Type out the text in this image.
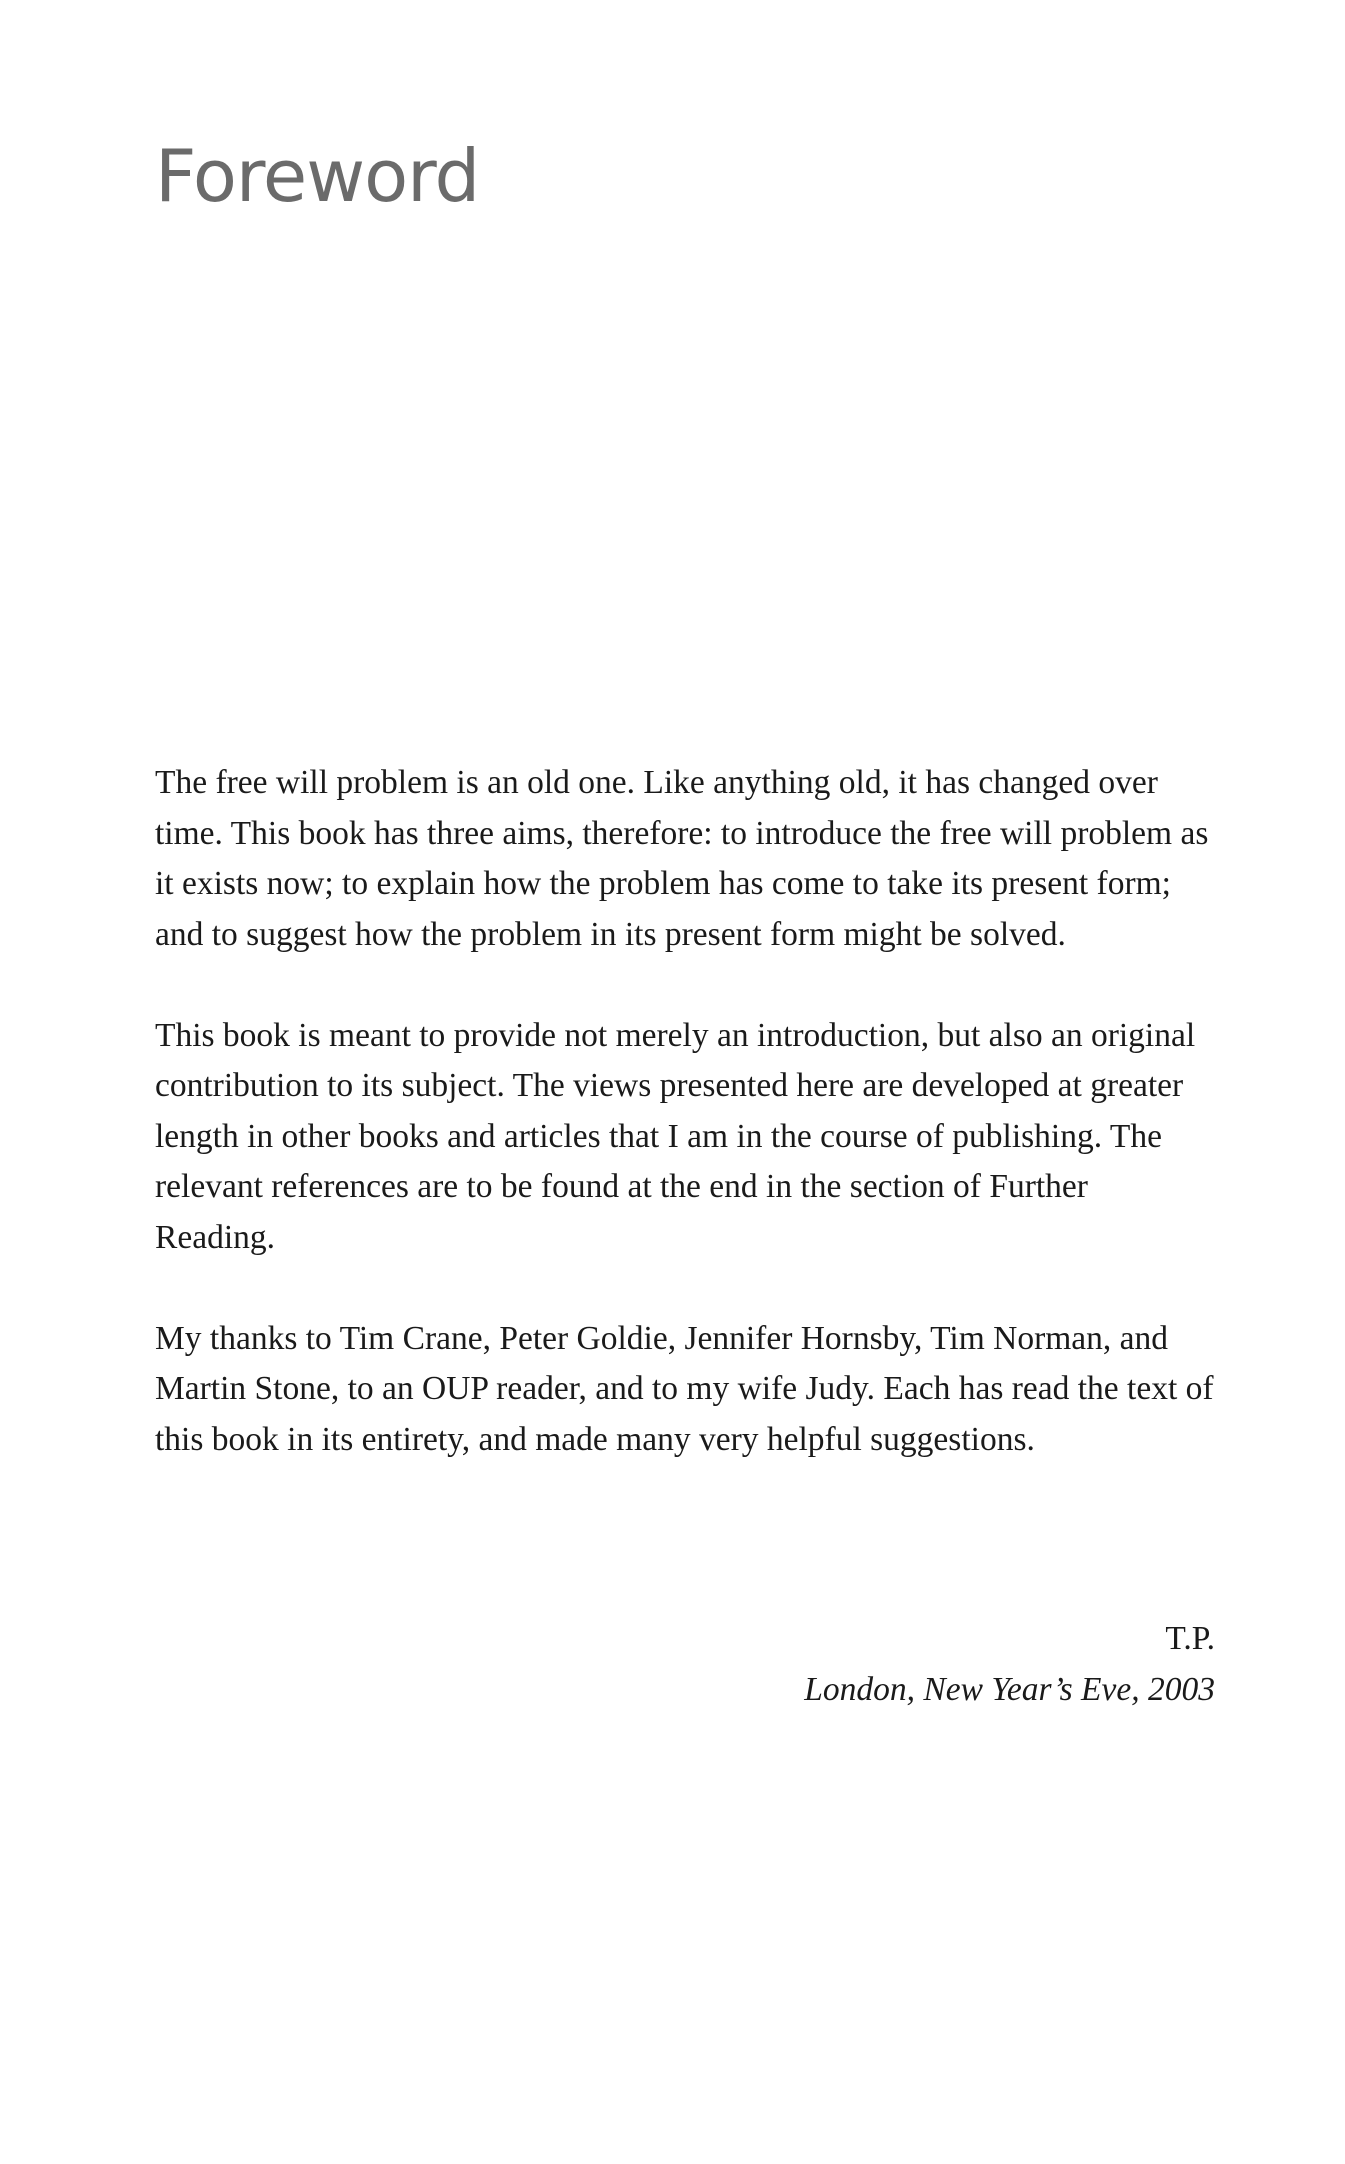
Foreword

The free will problem is an old one. Like anything old, it has changed over time. This book has three aims, therefore: to introduce the free will problem as it exists now; to explain how the problem has come to take its present form; and to suggest how the problem in its present form might be solved.

This book is meant to provide not merely an introduction, but also an original contribution to its subject. The views presented here are developed at greater length in other books and articles that I am in the course of publishing. The relevant references are to be found at the end in the section of Further Reading.

My thanks to Tim Crane, Peter Goldie, Jennifer Hornsby, Tim Norman, and Martin Stone, to an OUP reader, and to my wife Judy. Each has read the text of this book in its entirety, and made many very helpful suggestions.

T.P.
London, New Year’s Eve, 2003
